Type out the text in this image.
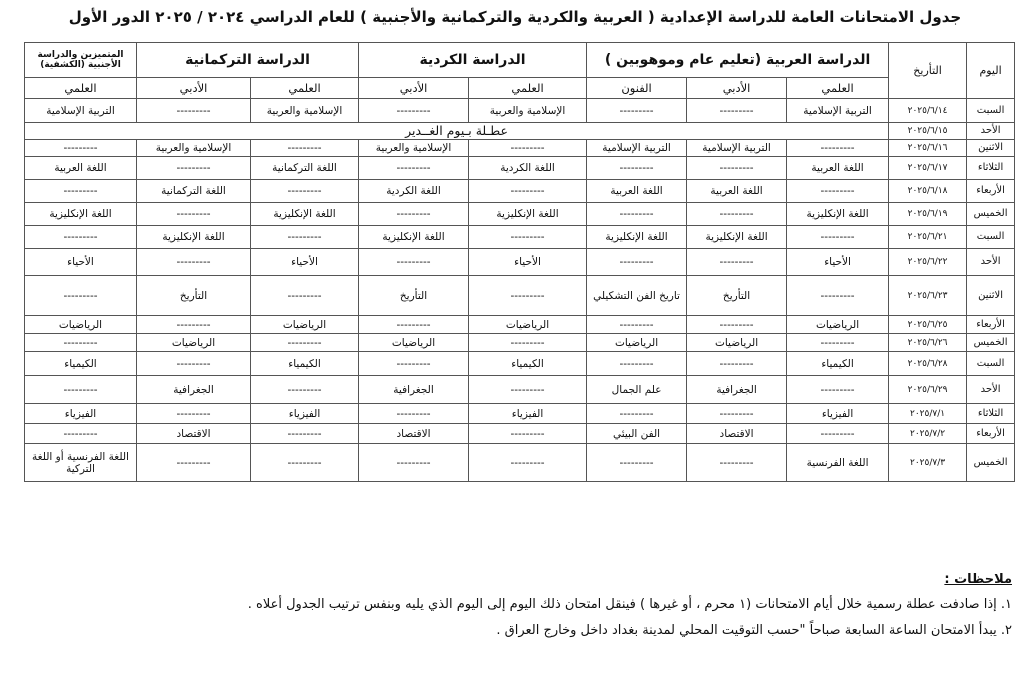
جدول الامتحانات العامة للدراسة الإعدادية ( العربية والكردية والتركمانية والأجنبية ) للعام الدراسي ٢٠٢٤ / ٢٠٢٥ الدور الأول
اليوم	التأريخ	الدراسة العربية (تعليم عام وموهوبين )			الدراسة الكردية		الدراسة التركمانية		المتميزين والدراسة الأجنبية (الكشفية)
		العلمي	الأدبي	الفنون	العلمي	الأدبي	العلمي	الأدبي	العلمي
السبت	٢٠٢٥/٦/١٤	التربية الإسلامية	---------	---------	الإسلامية والعربية	---------	الإسلامية والعربية	---------	التربية الإسلامية
الأحد	٢٠٢٥/٦/١٥	عطـلة بـيوم الغــدير							
الاثنين	٢٠٢٥/٦/١٦	---------	التربية الإسلامية	التربية الإسلامية	---------	الإسلامية والعربية	---------	الإسلامية والعربية	---------
الثلاثاء	٢٠٢٥/٦/١٧	اللغة العربية	---------	---------	اللغة الكردية	---------	اللغة التركمانية	---------	اللغة العربية
الأربعاء	٢٠٢٥/٦/١٨	---------	اللغة العربية	اللغة العربية	---------	اللغة الكردية	---------	اللغة التركمانية	---------
الخميس	٢٠٢٥/٦/١٩	اللغة الإنكليزية	---------	---------	اللغة الإنكليزية	---------	اللغة الإنكليزية	---------	اللغة الإنكليزية
السبت	٢٠٢٥/٦/٢١	---------	اللغة الإنكليزية	اللغة الإنكليزية	---------	اللغة الإنكليزية	---------	اللغة الإنكليزية	---------
الأحد	٢٠٢٥/٦/٢٢	الأحياء	---------	---------	الأحياء	---------	الأحياء	---------	الأحياء
الاثنين	٢٠٢٥/٦/٢٣	---------	التأريخ	تاريخ الفن التشكيلي	---------	التأريخ	---------	التأريخ	---------
الأربعاء	٢٠٢٥/٦/٢٥	الرياضيات	---------	---------	الرياضيات	---------	الرياضيات	---------	الرياضيات
الخميس	٢٠٢٥/٦/٢٦	---------	الرياضيات	الرياضيات	---------	الرياضيات	---------	الرياضيات	---------
السبت	٢٠٢٥/٦/٢٨	الكيمياء	---------	---------	الكيمياء	---------	الكيمياء	---------	الكيمياء
الأحد	٢٠٢٥/٦/٢٩	---------	الجغرافية	علم الجمال	---------	الجغرافية	---------	الجغرافية	---------
الثلاثاء	٢٠٢٥/٧/١	الفيزياء	---------	---------	الفيزياء	---------	الفيزياء	---------	الفيزياء
الأربعاء	٢٠٢٥/٧/٢	---------	الاقتصاد	الفن البيئي	---------	الاقتصاد	---------	الاقتصاد	---------
الخميس	٢٠٢٥/٧/٣	اللغة الفرنسية	---------	---------	---------	---------	---------	---------	اللغة الفرنسية أو اللغة التركية
ملاحظات :
١. إذا صادفت عطلة رسمية خلال أيام الامتحانات (١ محرم ، أو غيرها ) فينقل امتحان ذلك اليوم إلى اليوم الذي يليه وبنفس ترتيب الجدول أعلاه .
٢. يبدأ الامتحان الساعة السابعة صباحاً "حسب التوقيت المحلي لمدينة بغداد داخل وخارج العراق .
